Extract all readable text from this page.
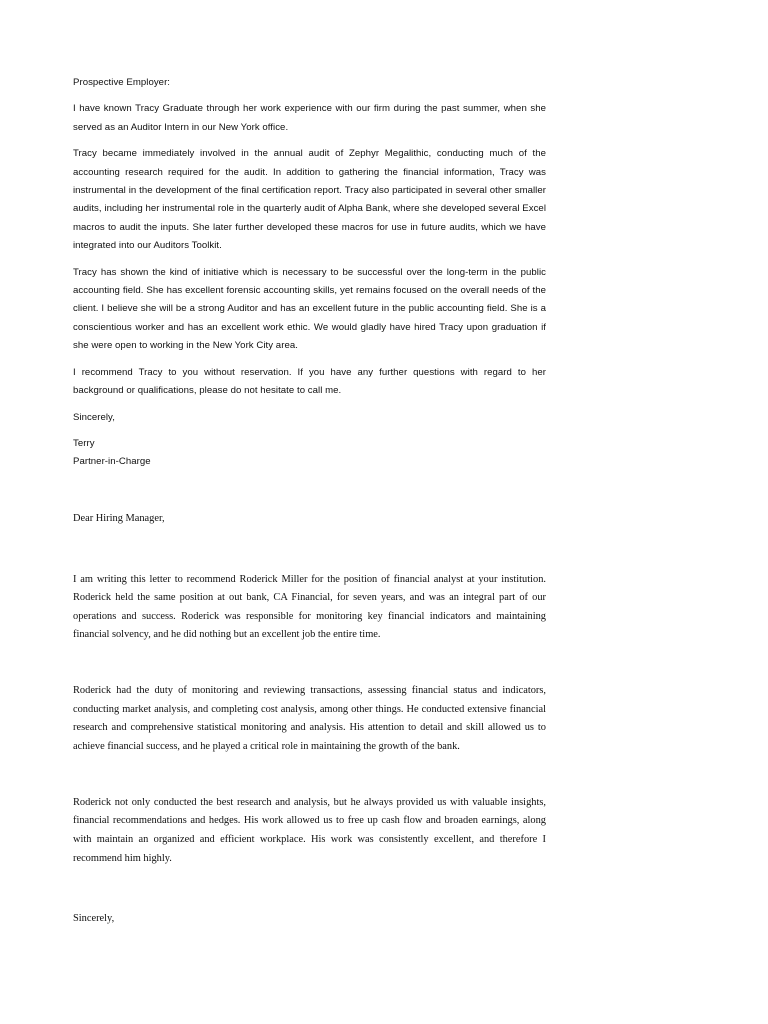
Prospective Employer:

I have known Tracy Graduate through her work experience with our firm during the past summer, when she served as an Auditor Intern in our New York office.

Tracy became immediately involved in the annual audit of Zephyr Megalithic, conducting much of the accounting research required for the audit. In addition to gathering the financial information, Tracy was instrumental in the development of the final certification report. Tracy also participated in several other smaller audits, including her instrumental role in the quarterly audit of Alpha Bank, where she developed several Excel macros to audit the inputs. She later further developed these macros for use in future audits, which we have integrated into our Auditors Toolkit.

Tracy has shown the kind of initiative which is necessary to be successful over the long-term in the public accounting field. She has excellent forensic accounting skills, yet remains focused on the overall needs of the client. I believe she will be a strong Auditor and has an excellent future in the public accounting field. She is a conscientious worker and has an excellent work ethic. We would gladly have hired Tracy upon graduation if she were open to working in the New York City area.

I recommend Tracy to you without reservation. If you have any further questions with regard to her background or qualifications, please do not hesitate to call me.

Sincerely,

Terry

Partner-in-Charge

Dear Hiring Manager,

I am writing this letter to recommend Roderick Miller for the position of financial analyst at your institution. Roderick held the same position at out bank, CA Financial, for seven years, and was an integral part of our operations and success. Roderick was responsible for monitoring key financial indicators and maintaining financial solvency, and he did nothing but an excellent job the entire time.

Roderick had the duty of monitoring and reviewing transactions, assessing financial status and indicators, conducting market analysis, and completing cost analysis, among other things. He conducted extensive financial research and comprehensive statistical monitoring and analysis. His attention to detail and skill allowed us to achieve financial success, and he played a critical role in maintaining the growth of the bank.

Roderick not only conducted the best research and analysis, but he always provided us with valuable insights, financial recommendations and hedges. His work allowed us to free up cash flow and broaden earnings, along with maintain an organized and efficient workplace. His work was consistently excellent, and therefore I recommend him highly.

Sincerely,
